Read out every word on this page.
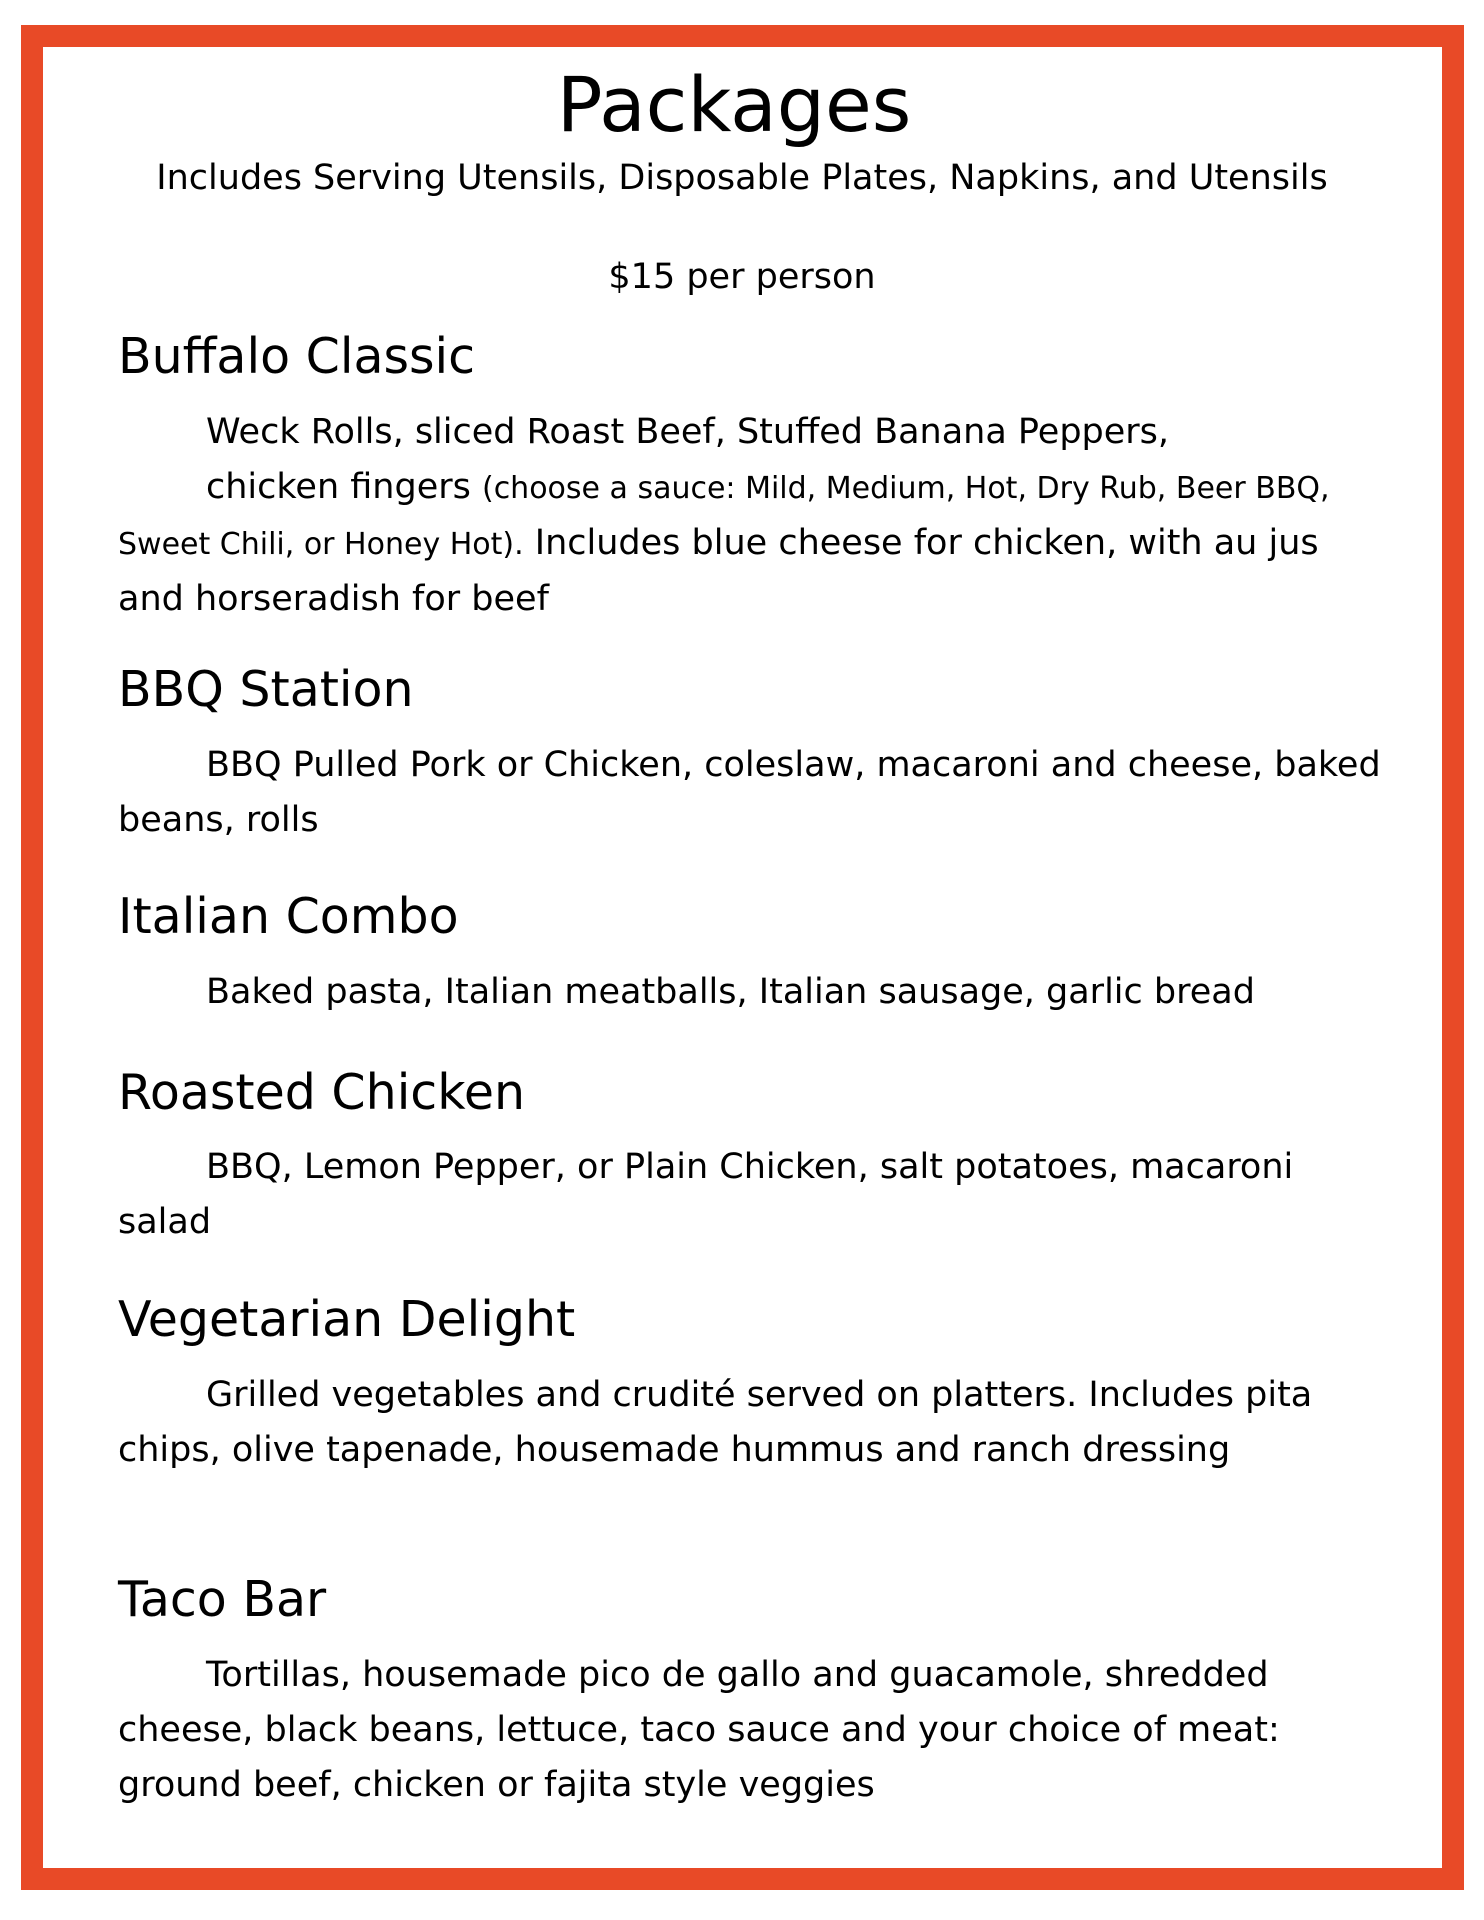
Packages
Includes Serving Utensils, Disposable Plates, Napkins, and Utensils
$15 per person
Buffalo Classic
Weck Rolls, sliced Roast Beef, Stuffed Banana Peppers,
chicken fingers (choose a sauce: Mild, Medium, Hot, Dry Rub, Beer BBQ, Sweet Chili, or Honey Hot). Includes blue cheese for chicken, with au jus and horseradish for beef
BBQ Station
BBQ Pulled Pork or Chicken, coleslaw, macaroni and cheese, baked beans, rolls
Italian Combo
Baked pasta, Italian meatballs, Italian sausage, garlic bread
Roasted Chicken
BBQ, Lemon Pepper, or Plain Chicken, salt potatoes, macaroni salad
Vegetarian Delight
Grilled vegetables and crudité served on platters. Includes pita chips, olive tapenade, housemade hummus and ranch dressing
Taco Bar
Tortillas, housemade pico de gallo and guacamole, shredded cheese, black beans, lettuce, taco sauce and your choice of meat: ground beef, chicken or fajita style veggies
